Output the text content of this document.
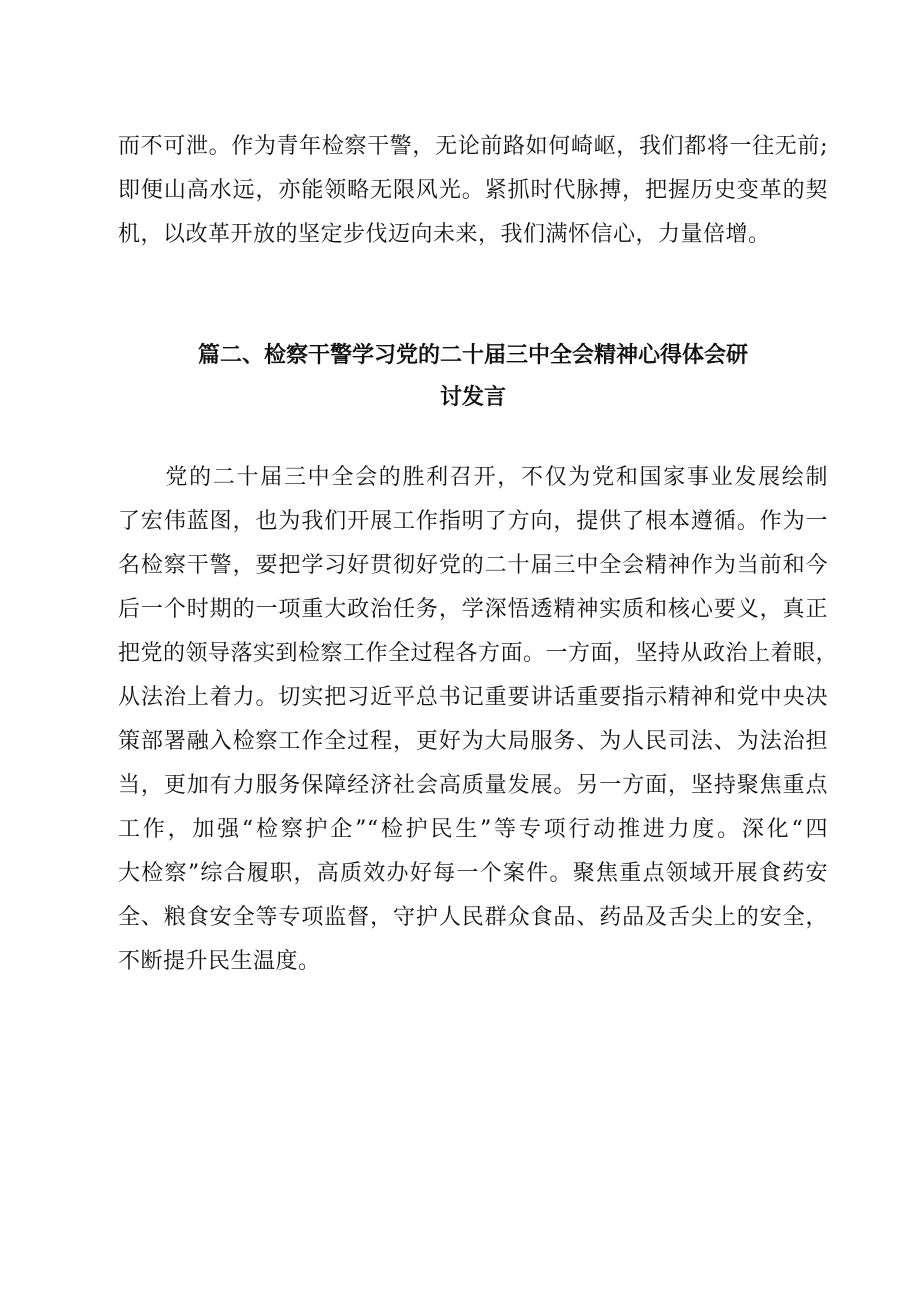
而不可泄。作为青年检察干警，无论前路如何崎岖，我们都将一往无前;
即便山高水远，亦能领略无限风光。紧抓时代脉搏，把握历史变革的契
机，以改革开放的坚定步伐迈向未来，我们满怀信心，力量倍增。
篇二、检察干警学习党的二十届三中全会精神心得体会研
讨发言
　　党的二十届三中全会的胜利召开，不仅为党和国家事业发展绘制
了宏伟蓝图，也为我们开展工作指明了方向，提供了根本遵循。作为一
名检察干警，要把学习好贯彻好党的二十届三中全会精神作为当前和今
后一个时期的一项重大政治任务，学深悟透精神实质和核心要义，真正
把党的领导落实到检察工作全过程各方面。一方面，坚持从政治上着眼，
从法治上着力。切实把习近平总书记重要讲话重要指示精神和党中央决
策部署融入检察工作全过程，更好为大局服务、为人民司法、为法治担
当，更加有力服务保障经济社会高质量发展。另一方面，坚持聚焦重点
工作，加强“检察护企”“检护民生”等专项行动推进力度。深化“四
大检察”综合履职，高质效办好每一个案件。聚焦重点领域开展食药安
全、粮食安全等专项监督，守护人民群众食品、药品及舌尖上的安全，
不断提升民生温度。
